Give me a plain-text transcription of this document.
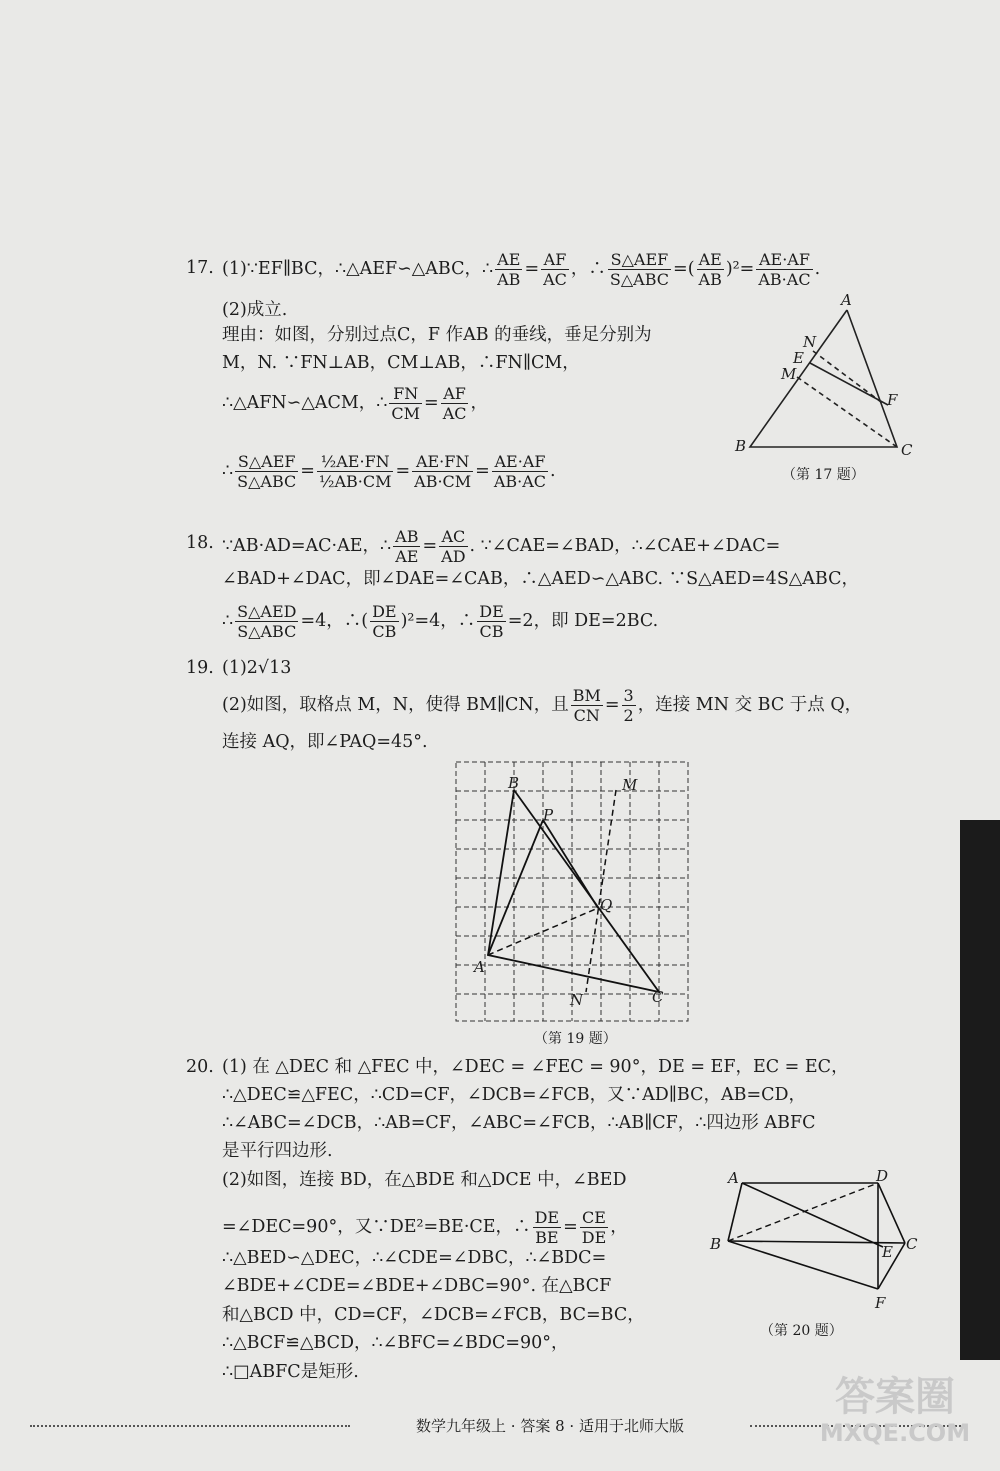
17. (1)∵EF∥BC，∴△AEF∽△ABC，∴ $\frac{AE}{AB} = \frac{AF}{AC}$ ，∴ $\frac{\text{S△AEF}}{\text{S△ABC}}$ =( $\frac{AE}{AB} )^2= \frac{AE\cdot AF}{AB\cdot AC}$ .
(2)成立.
理由：如图，分别过点C，F 作AB 的垂线，垂足分别为
M，N. ∵FN⊥AB，CM⊥AB，∴FN∥CM，
∴△AFN∽△ACM，∴ $\frac{FN}{CM} = \frac{AF}{AC}$ ，
∴ $\frac{\text{S△AEF}}{\text{S△ABC}} = \frac{\text{½AE·FN}}{\text{½AB·CM}} = \frac{AE\cdot FN}{AB\cdot CM} = \frac{AE\cdot AF}{AB\cdot AC}$ .
A
N
E
M
F
B	C
（第 17 题）
18. ∵AB·AD=AC·AE，∴ $\frac{AB}{AE} = \frac{AC}{AD}$ . ∵∠CAE=∠BAD，∴∠CAE+∠DAC=
∠BAD+∠DAC，即∠DAE=∠CAB，∴△AED∽△ABC. ∵S△AED=4S△ABC，
∴ $\frac{\text{S△AED}}{\text{S△ABC}} =4$，∴( $\frac{DE}{CB} )^2=4$，∴ $\frac{DE}{CB} =2$，即 DE=2BC.
19. (1)2√13
(2)如图，取格点 M，N，使得 BM∥CN，且 $\frac{BM}{CN} = \frac{3}{2}$ ，连接 MN 交 BC 于点 Q，
连接 AQ，即∠PAQ=45°.
B
P
M
Q
A
N	C
（第 19 题）
20. (1) 在 △DEC 和 △FEC 中，∠DEC = ∠FEC = 90°，DE = EF，EC = EC，
∴△DEC≌△FEC，∴CD=CF，∠DCB=∠FCB，又∵AD∥BC，AB=CD，
∴∠ABC=∠DCB，∴AB=CF，∠ABC=∠FCB，∴AB∥CF，∴四边形 ABFC
是平行四边形.
(2)如图，连接 BD，在△BDE 和△DCE 中，∠BED
=∠DEC=90°，又∵DE²=BE·CE，∴ $\frac{DE}{BE} = \frac{CE}{DE}$ ，
∴△BED∽△DEC，∴∠CDE=∠DBC，∴∠BDC=
∠BDE+∠CDE=∠BDE+∠DBC=90°. 在△BCF
和△BCD 中，CD=CF，∠DCB=∠FCB，BC=BC，
∴△BCF≌△BCD，∴∠BFC=∠BDC=90°，
∴□ABFC是矩形.
A	D
B	E C
F
（第 20 题）
数学九年级上 · 答案 8 · 适用于北师大版
答案圈
MXQE.COM
